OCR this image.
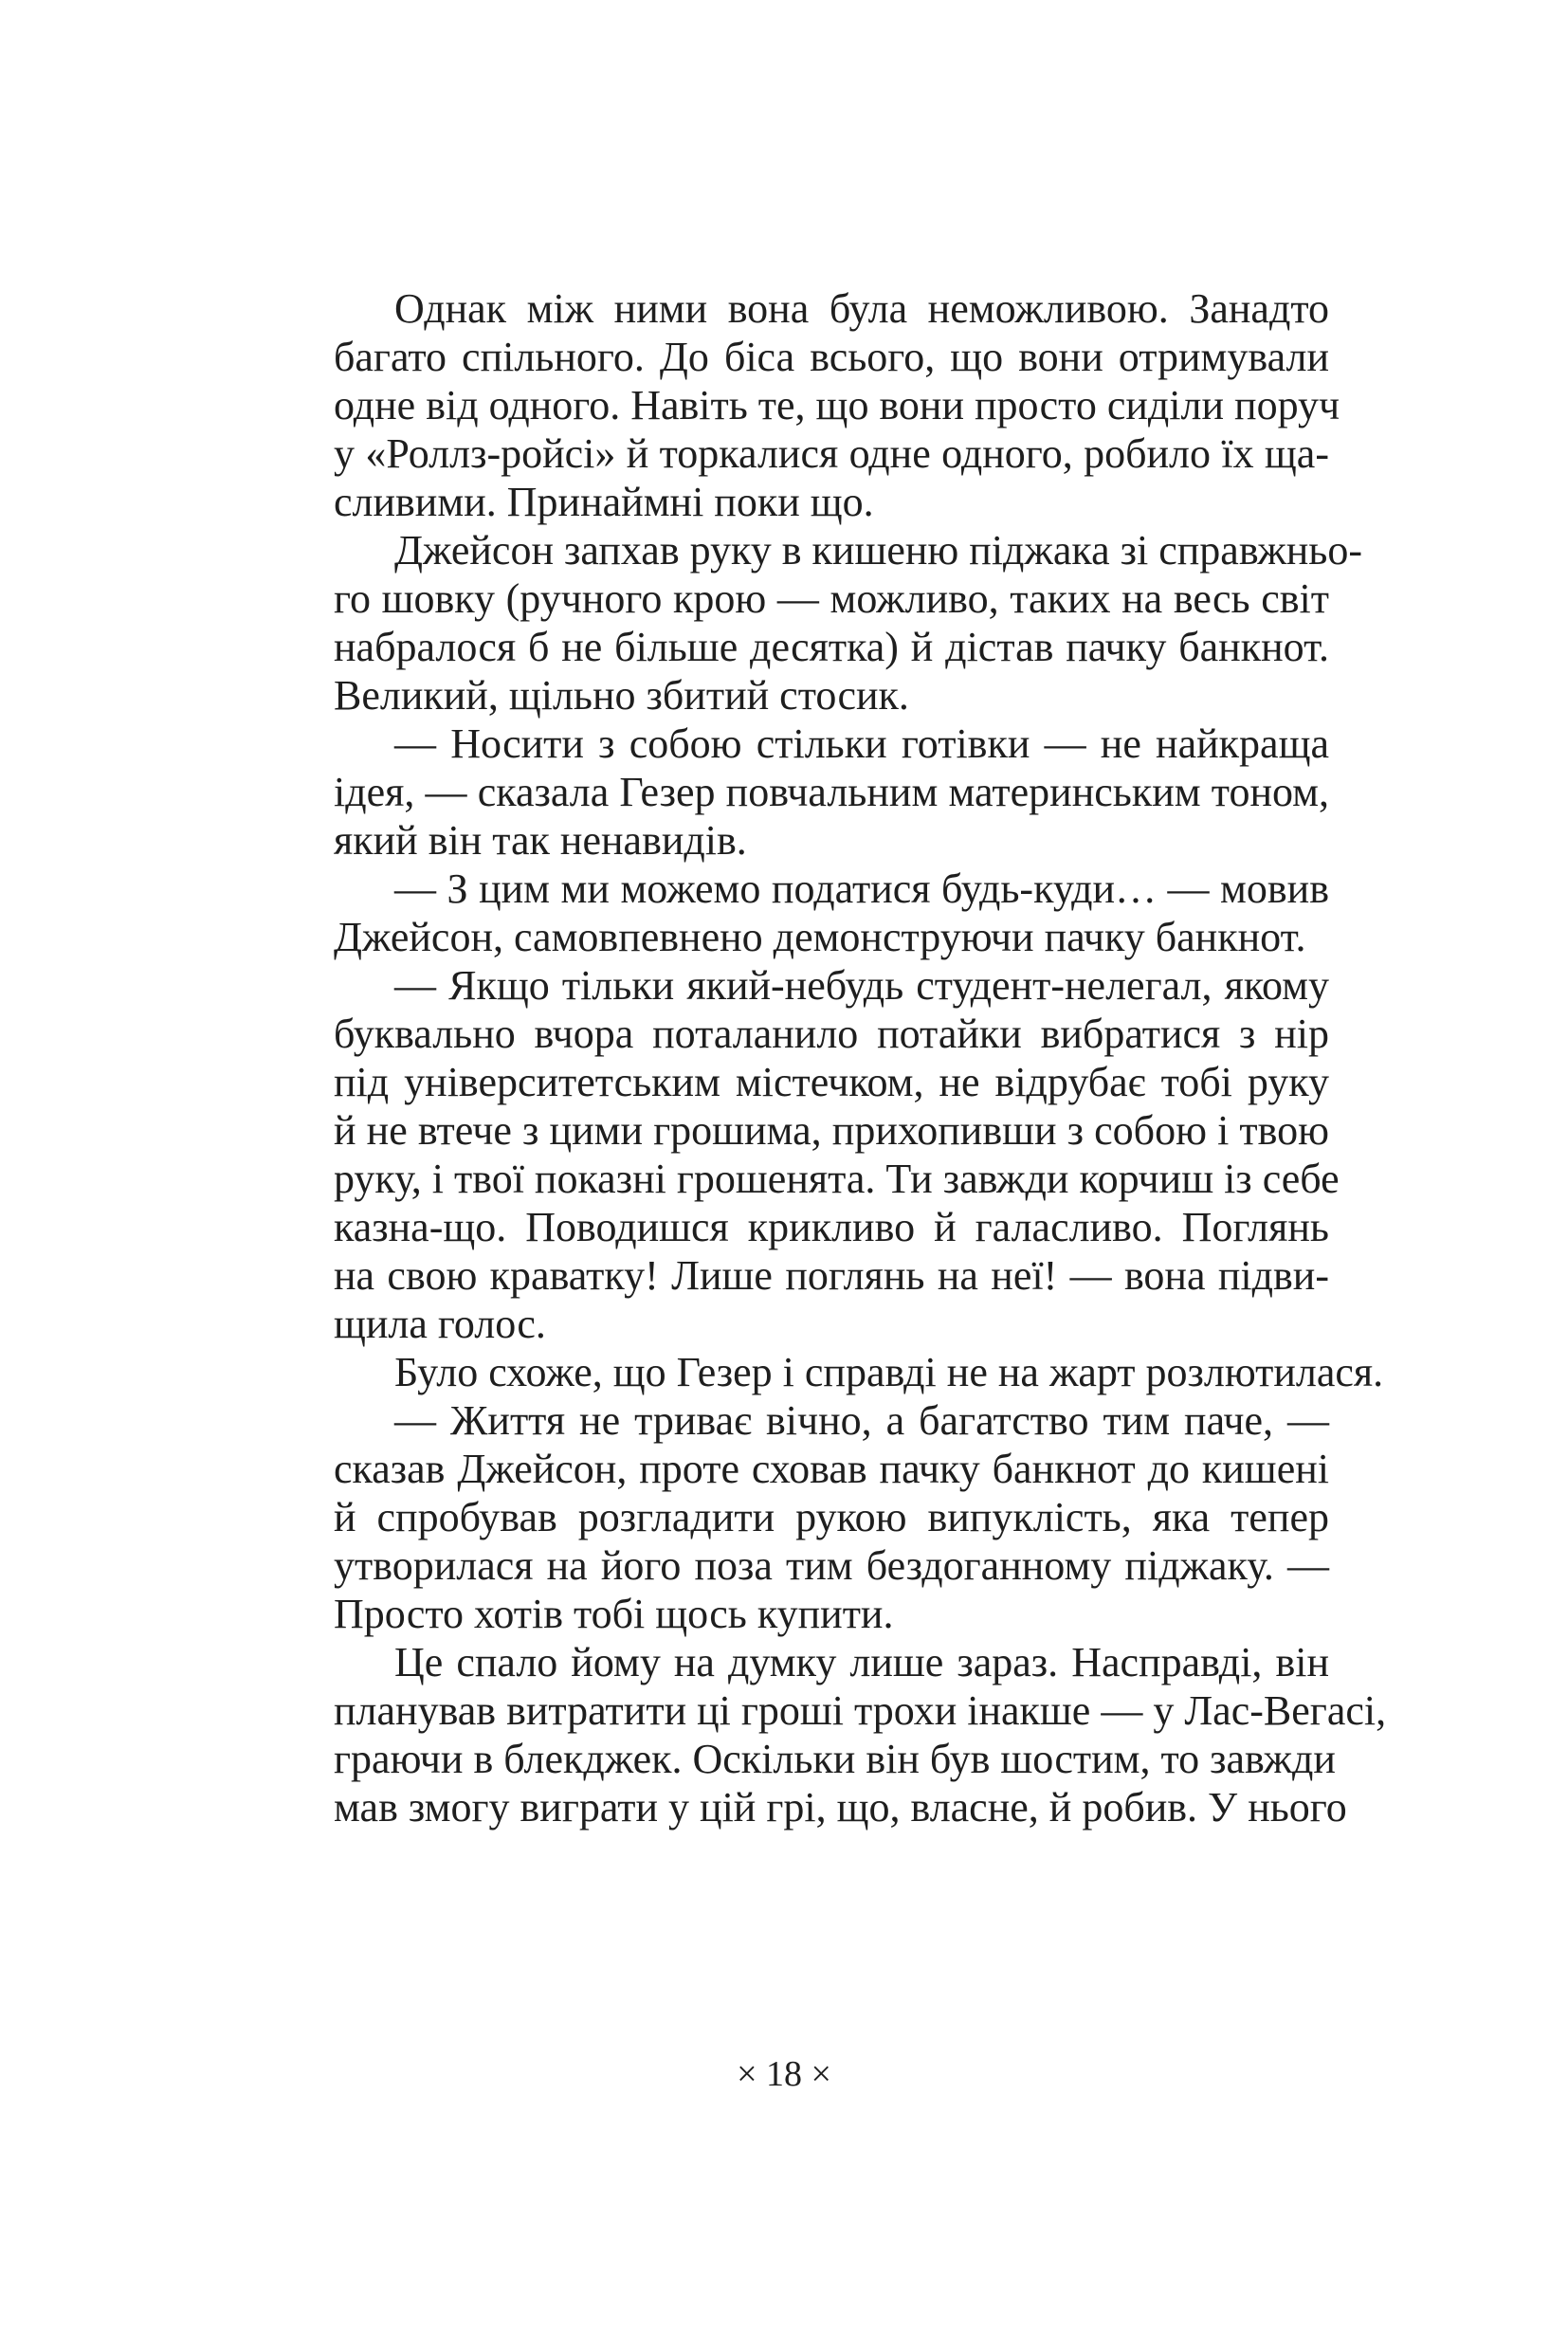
Однак між ними вона була неможливою. Занадто
багато спільного. До біса всього, що вони отримували
одне від одного. Навіть те, що вони просто сиділи поруч
у «Роллз-ройсі» й торкалися одне одного, робило їх ща-
сливими. Принаймні поки що.
Джейсон запхав руку в кишеню піджака зі справжньо-
го шовку (ручного крою — можливо, таких на весь світ
набралося б не більше десятка) й дістав пачку банкнот.
Великий, щільно збитий стосик.
— Носити з собою стільки готівки — не найкраща
ідея, — сказала Гезер повчальним материнським тоном,
який він так ненавидів.
— З цим ми можемо податися будь-куди… — мовив
Джейсон, самовпевнено демонструючи пачку банкнот.
— Якщо тільки який-небудь студент-нелегал, якому
буквально вчора поталанило потайки вибратися з нір
під університетським містечком, не відрубає тобі руку
й не втече з цими грошима, прихопивши з собою і твою
руку, і твої показні грошенята. Ти завжди корчиш із себе
казна-що. Поводишся крикливо й галасливо. Поглянь
на свою краватку! Лише поглянь на неї! — вона підви-
щила голос.
Було схоже, що Гезер і справді не на жарт розлютилася.
— Життя не триває вічно, а багатство тим паче, —
сказав Джейсон, проте сховав пачку банкнот до кишені
й спробував розгладити рукою випуклість, яка тепер
утворилася на його поза тим бездоганному піджаку. —
Просто хотів тобі щось купити.
Це спало йому на думку лише зараз. Насправді, він
планував витратити ці гроші трохи інакше — у Лас-Вегасі,
граючи в блекджек. Оскільки він був шостим, то завжди
мав змогу виграти у цій грі, що, власне, й робив. У нього
× 18 ×
